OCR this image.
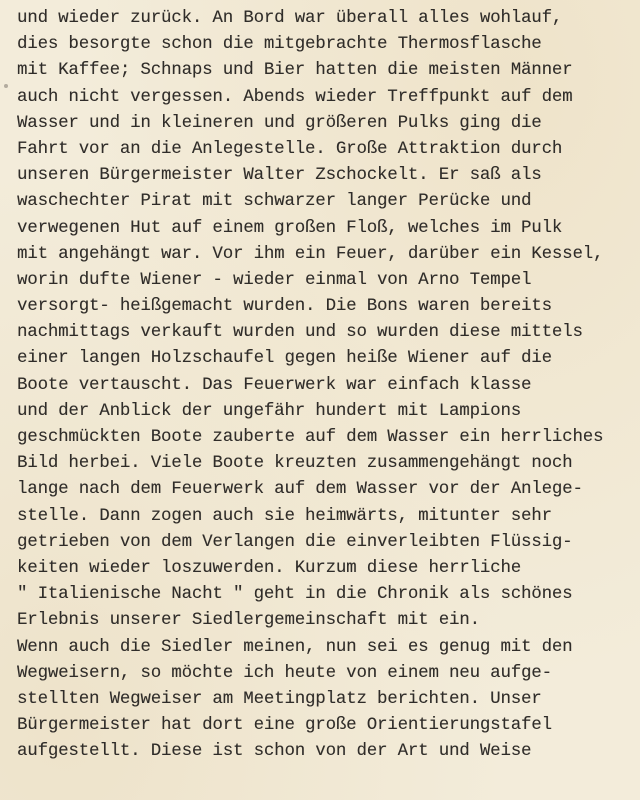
und wieder zurück. An Bord war überall alles wohlauf,
dies besorgte schon die mitgebrachte Thermosflasche
mit Kaffee; Schnaps und Bier hatten die meisten Männer
auch nicht vergessen. Abends wieder Treffpunkt auf dem
Wasser und in kleineren und größeren Pulks ging die
Fahrt vor an die Anlegestelle. Große Attraktion durch
unseren Bürgermeister Walter Zschockelt. Er saß als
waschechter Pirat mit schwarzer langer Perücke und
verwegenen Hut auf einem großen Floß, welches im Pulk
mit angehängt war. Vor ihm ein Feuer, darüber ein Kessel,
worin dufte Wiener - wieder einmal von Arno Tempel
versorgt- heißgemacht wurden. Die Bons waren bereits
nachmittags verkauft wurden und so wurden diese mittels
einer langen Holzschaufel gegen heiße Wiener auf die
Boote vertauscht. Das Feuerwerk war einfach klasse
und der Anblick der ungefähr hundert mit Lampions
geschmückten Boote zauberte auf dem Wasser ein herrliches
Bild herbei. Viele Boote kreuzten zusammengehängt noch
lange nach dem Feuerwerk auf dem Wasser vor der Anlege-
stelle. Dann zogen auch sie heimwärts, mitunter sehr
getrieben von dem Verlangen die einverleibten Flüssig-
keiten wieder loszuwerden. Kurzum diese herrliche
" Italienische Nacht " geht in die Chronik als schönes
Erlebnis unserer Siedlergemeinschaft mit ein.
Wenn auch die Siedler meinen, nun sei es genug mit den
Wegweisern, so möchte ich heute von einem neu aufge-
stellten Wegweiser am Meetingplatz berichten. Unser
Bürgermeister hat dort eine große Orientierungstafel
aufgestellt. Diese ist schon von der Art und Weise
